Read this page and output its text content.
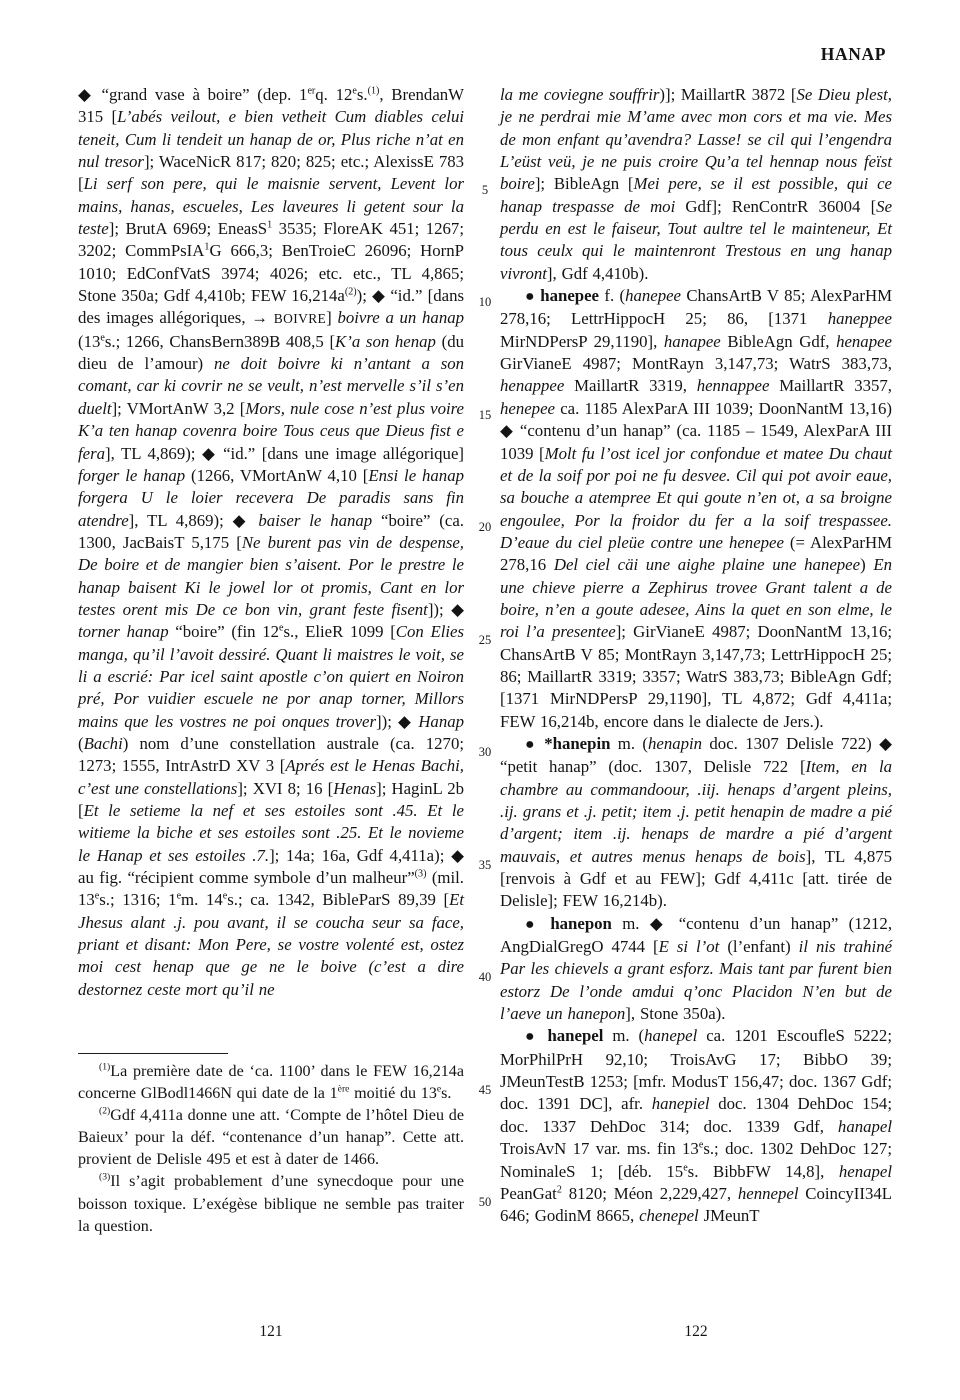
HANAP

◆ “grand vase à boire” (dep. 1erq. 12es.$^{(1)}$, BrendanW 315 [L’abés veilout, e bien vetheit Cum diables celui teneit, Cum li tendeit un hanap de or, Plus riche n’at en nul tresor]; WaceNicR 817; 820; 825; etc.; AlexissE 783 [Li serf son pere, qui le maisnie servent, Levent lor mains, hanas, escueles, Les laveures li getent sour la teste]; BrutA 6969; EneasS$^1$ 3535; FloreAK 451; 1267; 3202; CommPsIA$^1$G 666,3; BenTroieC 26096; HornP 1010; EdConfVatS 3974; 4026; etc. etc., TL 4,865; Stone 350a; Gdf 4,410b; FEW $16,214a^{(2)}$); ◆ “id.” [dans des images allégoriques, → BOIVRE] boivre a un hanap (13es.; 1266, ChansBern389B 408,5 [K’a son henap (du dieu de l’amour) ne doit boivre ki n’antant a son comant, car ki covrir ne se veult, n’est mervelle s’il s’en duelt]; VMortAnW 3,2 [Mors, nule cose n’est plus voire K’a ten hanap covenra boire Tous ceus que Dieus fist e fera], TL 4,869); ◆ “id.” [dans une image allégorique] forger le hanap (1266, VMortAnW 4,10 [Ensi le hanap forgera U le loier recevera De paradis sans fin atendre], TL 4,869); ◆ baiser le hanap “boire” (ca. 1300, JacBaisT 5,175 [Ne burent pas vin de despense, De boire et de mangier bien s’aisent. Por le prestre le hanap baisent Ki le jowel lor ot promis, Cant en lor testes orent mis De ce bon vin, grant feste fisent]); ◆ torner hanap “boire” (fin 12es., ElieR 1099 [Con Elies manga, qu’il l’avoit dessiré. Quant li maistres le voit, se li a escrié: Par icel saint apostle c’on quiert en Noiron pré, Por vuidier escuele ne por anap torner, Millors mains que les vostres ne poi onques trover]); ◆ Hanap (Bachi) nom d’une constellation australe (ca. 1270; 1273; 1555, IntrAstrD XV 3 [Aprés est le Henas Bachi, c’est une constellations]; XVI 8; 16 [Henas]; HaginL 2b [Et le setieme la nef et ses estoiles sont .45. Et le witieme la biche et ses estoiles sont .25. Et le novieme le Hanap et ses estoiles .7.]; 14a; 16a, Gdf 4,411a); ◆ au fig. “récipient comme symbole d’un malheur”$^{(3)}$ (mil. 13es.; 1316; 1em. 14es.; ca. 1342, BibleParS 89,39 [Et Jhesus alant .j. pou avant, il se coucha seur sa face, priant et disant: Mon Pere, se vostre volenté est, ostez moi cest henap que ge ne le boive (c’est a dire destornez ceste mort qu’il ne

$^{(1)}$La première date de ‘ca. 1100’ dans le FEW 16,214a concerne GlBodl1466N qui date de la 1ère moitié du 13es.

$^{(2)}$Gdf 4,411a donne une att. ‘Compte de l’hôtel Dieu de Baieux’ pour la déf. “contenance d’un hanap”. Cette att. provient de Delisle 495 et est à dater de 1466.

$^{(3)}$Il s’agit probablement d’une synecdoque pour une boisson toxique. L’exégèse biblique ne semble pas traiter la question.

la me coviegne souffrir)]; MaillartR 3872 [Se Dieu plest, je ne perdrai mie M’ame avec mon cors et ma vie. Mes de mon enfant qu’avendra? Lasse! se cil qui l’engendra L’eüst veü, je ne puis croire Qu’a tel hennap nous feïst boire]; BibleAgn [Mei pere, se il est possible, qui ce hanap trespasse de moi Gdf]; RenContrR 36004 [Se perdu en est le faiseur, Tout aultre tel le mainteneur, Et tous ceulx qui le maintenront Trestous en ung hanap vivront], Gdf 4,410b).

● hanepee f. (hanepee ChansArtB V 85; AlexParHM 278,16; LettrHippocH 25; 86, [1371 haneppee MirNDPersP 29,1190], hanapee BibleAgn Gdf, henapee GirVianeE 4987; MontRayn 3,147,73; WatrS 383,73, henappee MaillartR 3319, hennappee MaillartR 3357, henepee ca. 1185 AlexParA III 1039; DoonNantM 13,16) ◆ “contenu d’un hanap” (ca. 1185 – 1549, AlexParA III 1039 [Molt fu l’ost icel jor confondue et matee Du chaut et de la soif por poi ne fu desvee. Cil qui pot avoir eaue, sa bouche a atempree Et qui goute n’en ot, a sa broigne engoulee, Por la froidor du fer a la soif trespassee. D’eaue du ciel pleüe contre une henepee (= AlexParHM 278,16 Del ciel cäi une aighe plaine une hanepee) En une chieve pierre a Zephirus trovee Grant talent a de boire, n’en a goute adesee, Ains la quet en son elme, le roi l’a presentee]; GirVianeE 4987; DoonNantM 13,16; ChansArtB V 85; MontRayn 3,147,73; LettrHippocH 25; 86; MaillartR 3319; 3357; WatrS 383,73; BibleAgn Gdf; [1371 MirNDPersP 29,1190], TL 4,872; Gdf 4,411a; FEW 16,214b, encore dans le dialecte de Jers.).

● *hanepin m. (henapin doc. 1307 Delisle 722) ◆ “petit hanap” (doc. 1307, Delisle 722 [Item, en la chambre au commandoour, .iij. henaps d’argent pleins, .ij. grans et .j. petit; item .j. petit henapin de madre a pié d’argent; item .ij. henaps de mardre a pié d’argent mauvais, et autres menus henaps de bois], TL 4,875 [renvois à Gdf et au FEW]; Gdf 4,411c [att. tirée de Delisle]; FEW 16,214b).

● hanepon m. ◆ “contenu d’un hanap” (1212, AngDialGregO 4744 [E si l’ot (l’enfant) il nis trahiné Par les chievels a grant esforz. Mais tant par furent bien estorz De l’onde amdui q’onc Placidon N’en but de l’aeve un hanepon], Stone 350a).

● hanepel m. (hanepel ca. 1201 EscoufleS 5222; MorPhilPrH 92,10; TroisAvG 17; BibbO 39; JMeunTestB 1253; [mfr. ModusT 156,47; doc. 1367 Gdf; doc. 1391 DC], afr. hanepiel doc. 1304 DehDoc 154; doc. 1337 DehDoc 314; doc. 1339 Gdf, hanapel TroisAvN 17 var. ms. fin 13es.; doc. 1302 DehDoc 127; NominaleS 1; [déb. 15es. BibbFW 14,8], henapel PeanGat$^2$ 8120; Méon 2,229,427, hennepel CoincyII34L 646; GodinM 8665, chenepel JMeunT

5
10
15
20
25
30
35
40
45
50
121	122
